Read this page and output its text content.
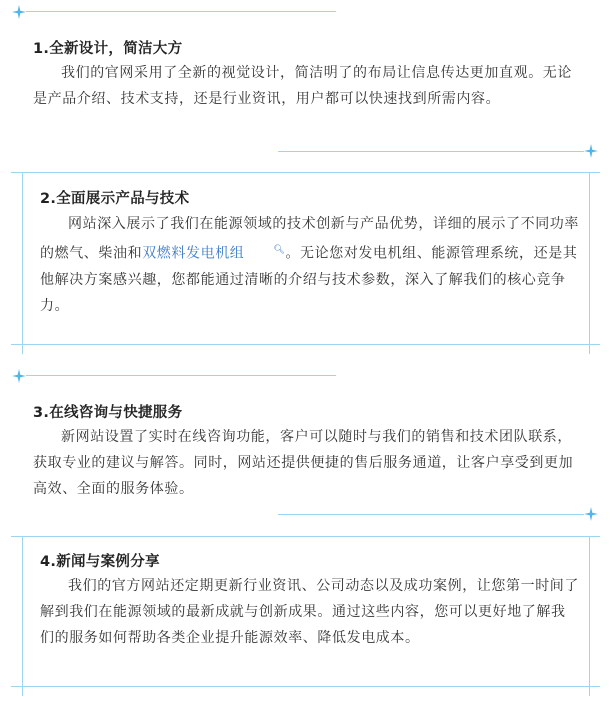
1.全新设计，简洁大方

我们的官网采用了全新的视觉设计，简洁明了的布局让信息传达更加直观。无论是产品介绍、技术支持，还是行业资讯，用户都可以快速找到所需内容。

2.全面展示产品与技术

网站深入展示了我们在能源领域的技术创新与产品优势，详细的展示了不同功率的燃气、柴油和双燃料发电机组	🔍︎。无论您对发电机组、能源管理系统，还是其他解决方案感兴趣，您都能通过清晰的介绍与技术参数，深入了解我们的核心竞争力。

3.在线咨询与快捷服务

新网站设置了实时在线咨询功能，客户可以随时与我们的销售和技术团队联系，获取专业的建议与解答。同时，网站还提供便捷的售后服务通道，让客户享受到更加高效、全面的服务体验。

4.新闻与案例分享

我们的官方网站还定期更新行业资讯、公司动态以及成功案例，让您第一时间了解到我们在能源领域的最新成就与创新成果。通过这些内容，您可以更好地了解我们的服务如何帮助各类企业提升能源效率、降低发电成本。
